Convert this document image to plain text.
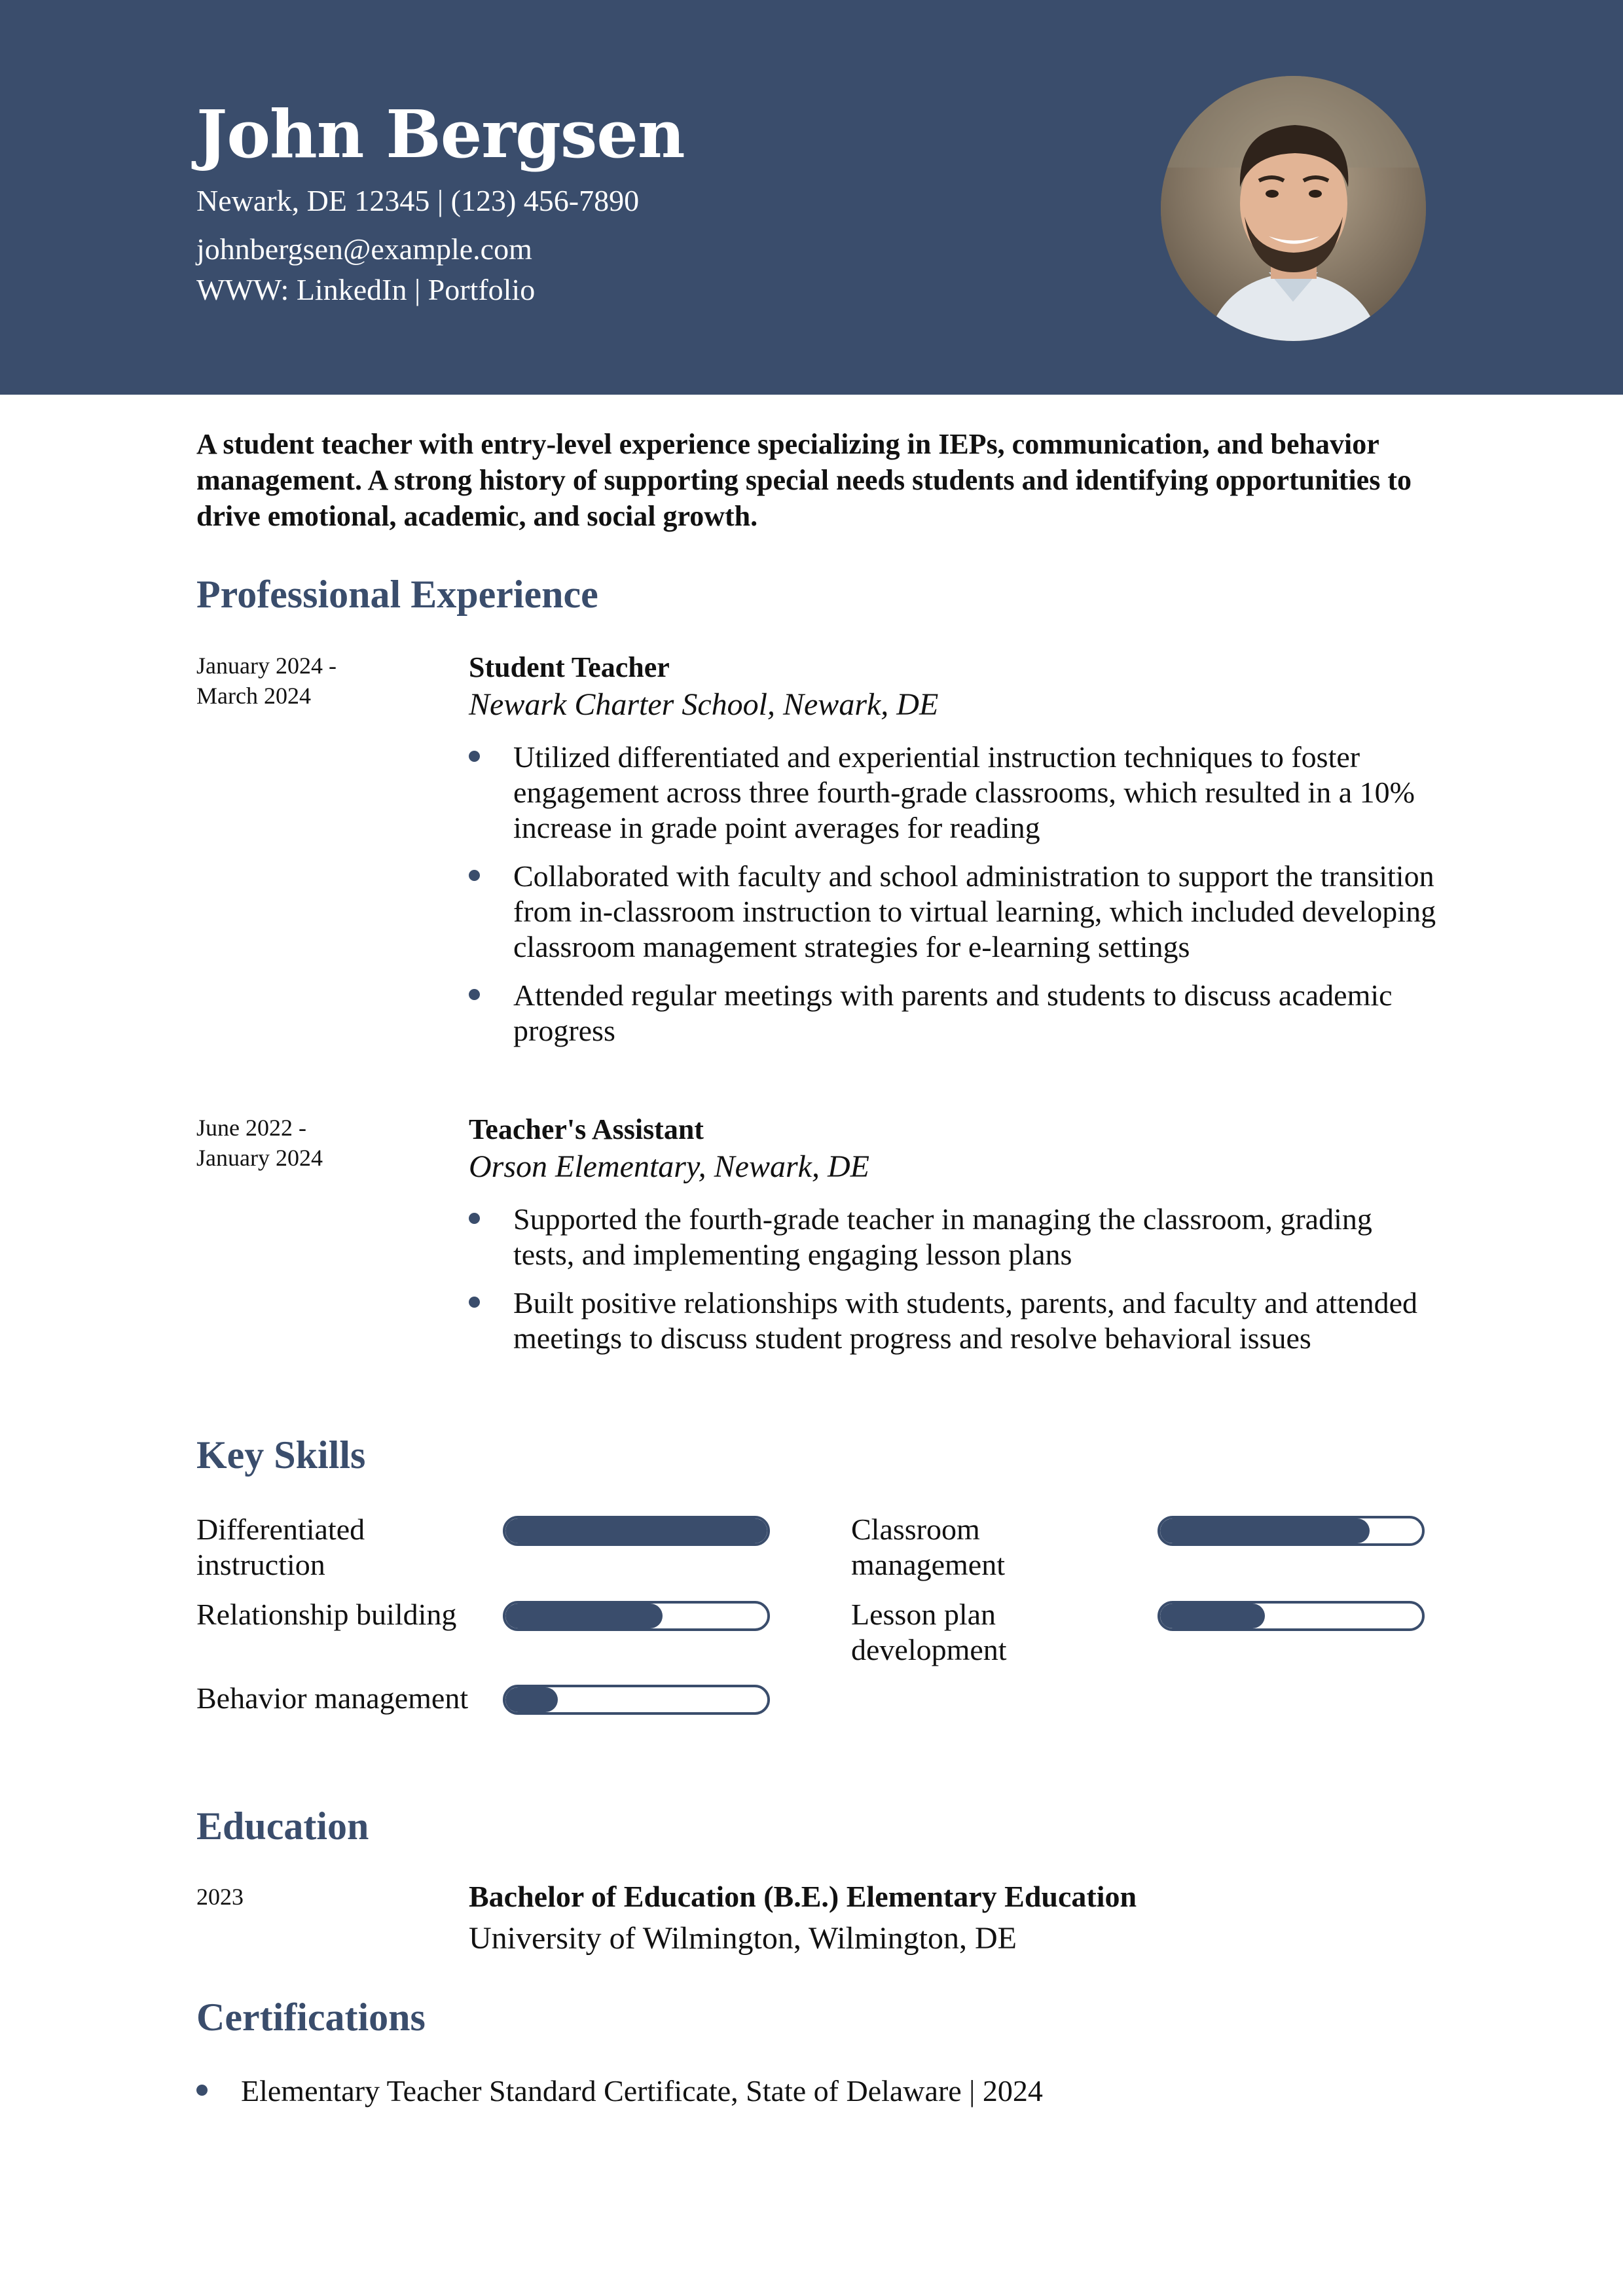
John Bergsen
Newark, DE 12345 | (123) 456-7890
johnbergsen@example.com
WWW: LinkedIn | Portfolio

A student teacher with entry-level experience specializing in IEPs, communication, and behavior management. A strong history of supporting special needs students and identifying opportunities to drive emotional, academic, and social growth.

Professional Experience
January 2024 -
March 2024
Student Teacher
Newark Charter School, Newark, DE
Utilized differentiated and experiential instruction techniques to foster engagement across three fourth-grade classrooms, which resulted in a 10% increase in grade point averages for reading
Collaborated with faculty and school administration to support the transition from in-classroom instruction to virtual learning, which included developing classroom management strategies for e-learning settings
Attended regular meetings with parents and students to discuss academic progress
June 2022 -
January 2024
Teacher's Assistant
Orson Elementary, Newark, DE
Supported the fourth-grade teacher in managing the classroom, grading tests, and implementing engaging lesson plans
Built positive relationships with students, parents, and faculty and attended meetings to discuss student progress and resolve behavioral issues
Key Skills
Differentiated instruction
Classroom management
Relationship building	Lesson plan development
Behavior management
Education
2023	Bachelor of Education (B.E.) Elementary Education
University of Wilmington, Wilmington, DE
Certifications
Elementary Teacher Standard Certificate, State of Delaware | 2024
